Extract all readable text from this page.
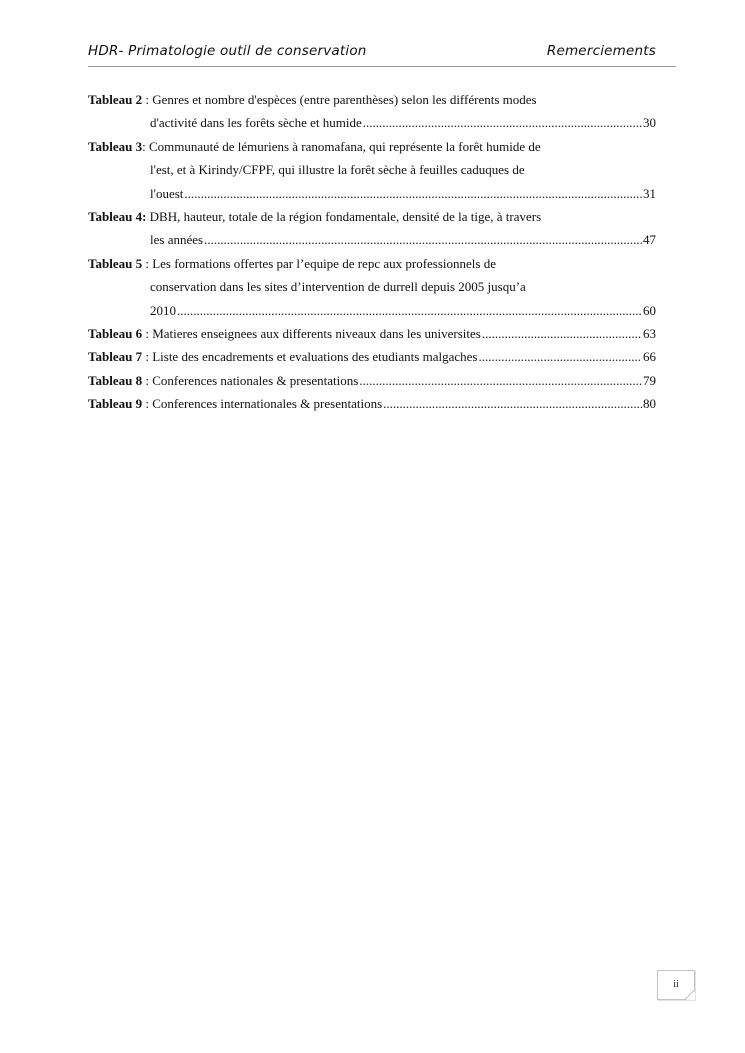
HDR- Primatologie outil de conservation	Remerciements
Tableau 2 : Genres et nombre d'espèces (entre parenthèses) selon les différents modes
d'activité dans les forêts sèche et humide .....	30
Tableau 3: Communauté de lémuriens à ranomafana, qui représente la forêt humide de
l'est, et à Kirindy/CFPF, qui illustre la forêt sèche à feuilles caduques de
l'ouest .....	31
Tableau 4: DBH, hauteur, totale de la région fondamentale, densité de la tige, à travers
les années .....	47
Tableau 5 : Les formations offertes par l’equipe de repc aux professionnels de
conservation dans les sites d’intervention de durrell depuis 2005 jusqu’a
2010 .....	60
Tableau 6 : Matieres enseignees aux differents niveaux dans les universites .....	63
Tableau 7 : Liste des encadrements et evaluations des etudiants malgaches .....	66
Tableau 8 : Conferences nationales & presentations .....	79
Tableau 9 : Conferences internationales & presentations .....	80
ii
